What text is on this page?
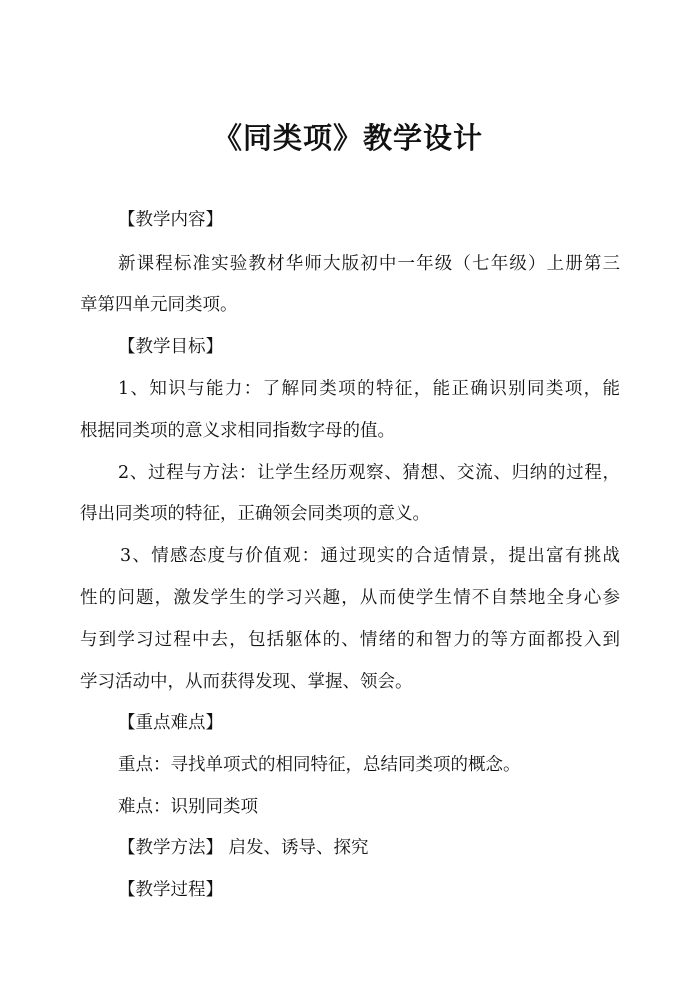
《同类项》教学设计
【教学内容】
新课程标准实验教材华师大版初中一年级（七年级）上册第三
章第四单元同类项。
【教学目标】
1、知识与能力：了解同类项的特征，能正确识别同类项，能
根据同类项的意义求相同指数字母的值。
2、过程与方法：让学生经历观察、猜想、交流、归纳的过程，
得出同类项的特征，正确领会同类项的意义。
3、情感态度与价值观：通过现实的合适情景，提出富有挑战
性的问题，激发学生的学习兴趣，从而使学生情不自禁地全身心参
与到学习过程中去，包括躯体的、情绪的和智力的等方面都投入到
学习活动中，从而获得发现、掌握、领会。
【重点难点】
重点：寻找单项式的相同特征，总结同类项的概念。
难点：识别同类项
【教学方法】 启发、诱导、探究
【教学过程】
